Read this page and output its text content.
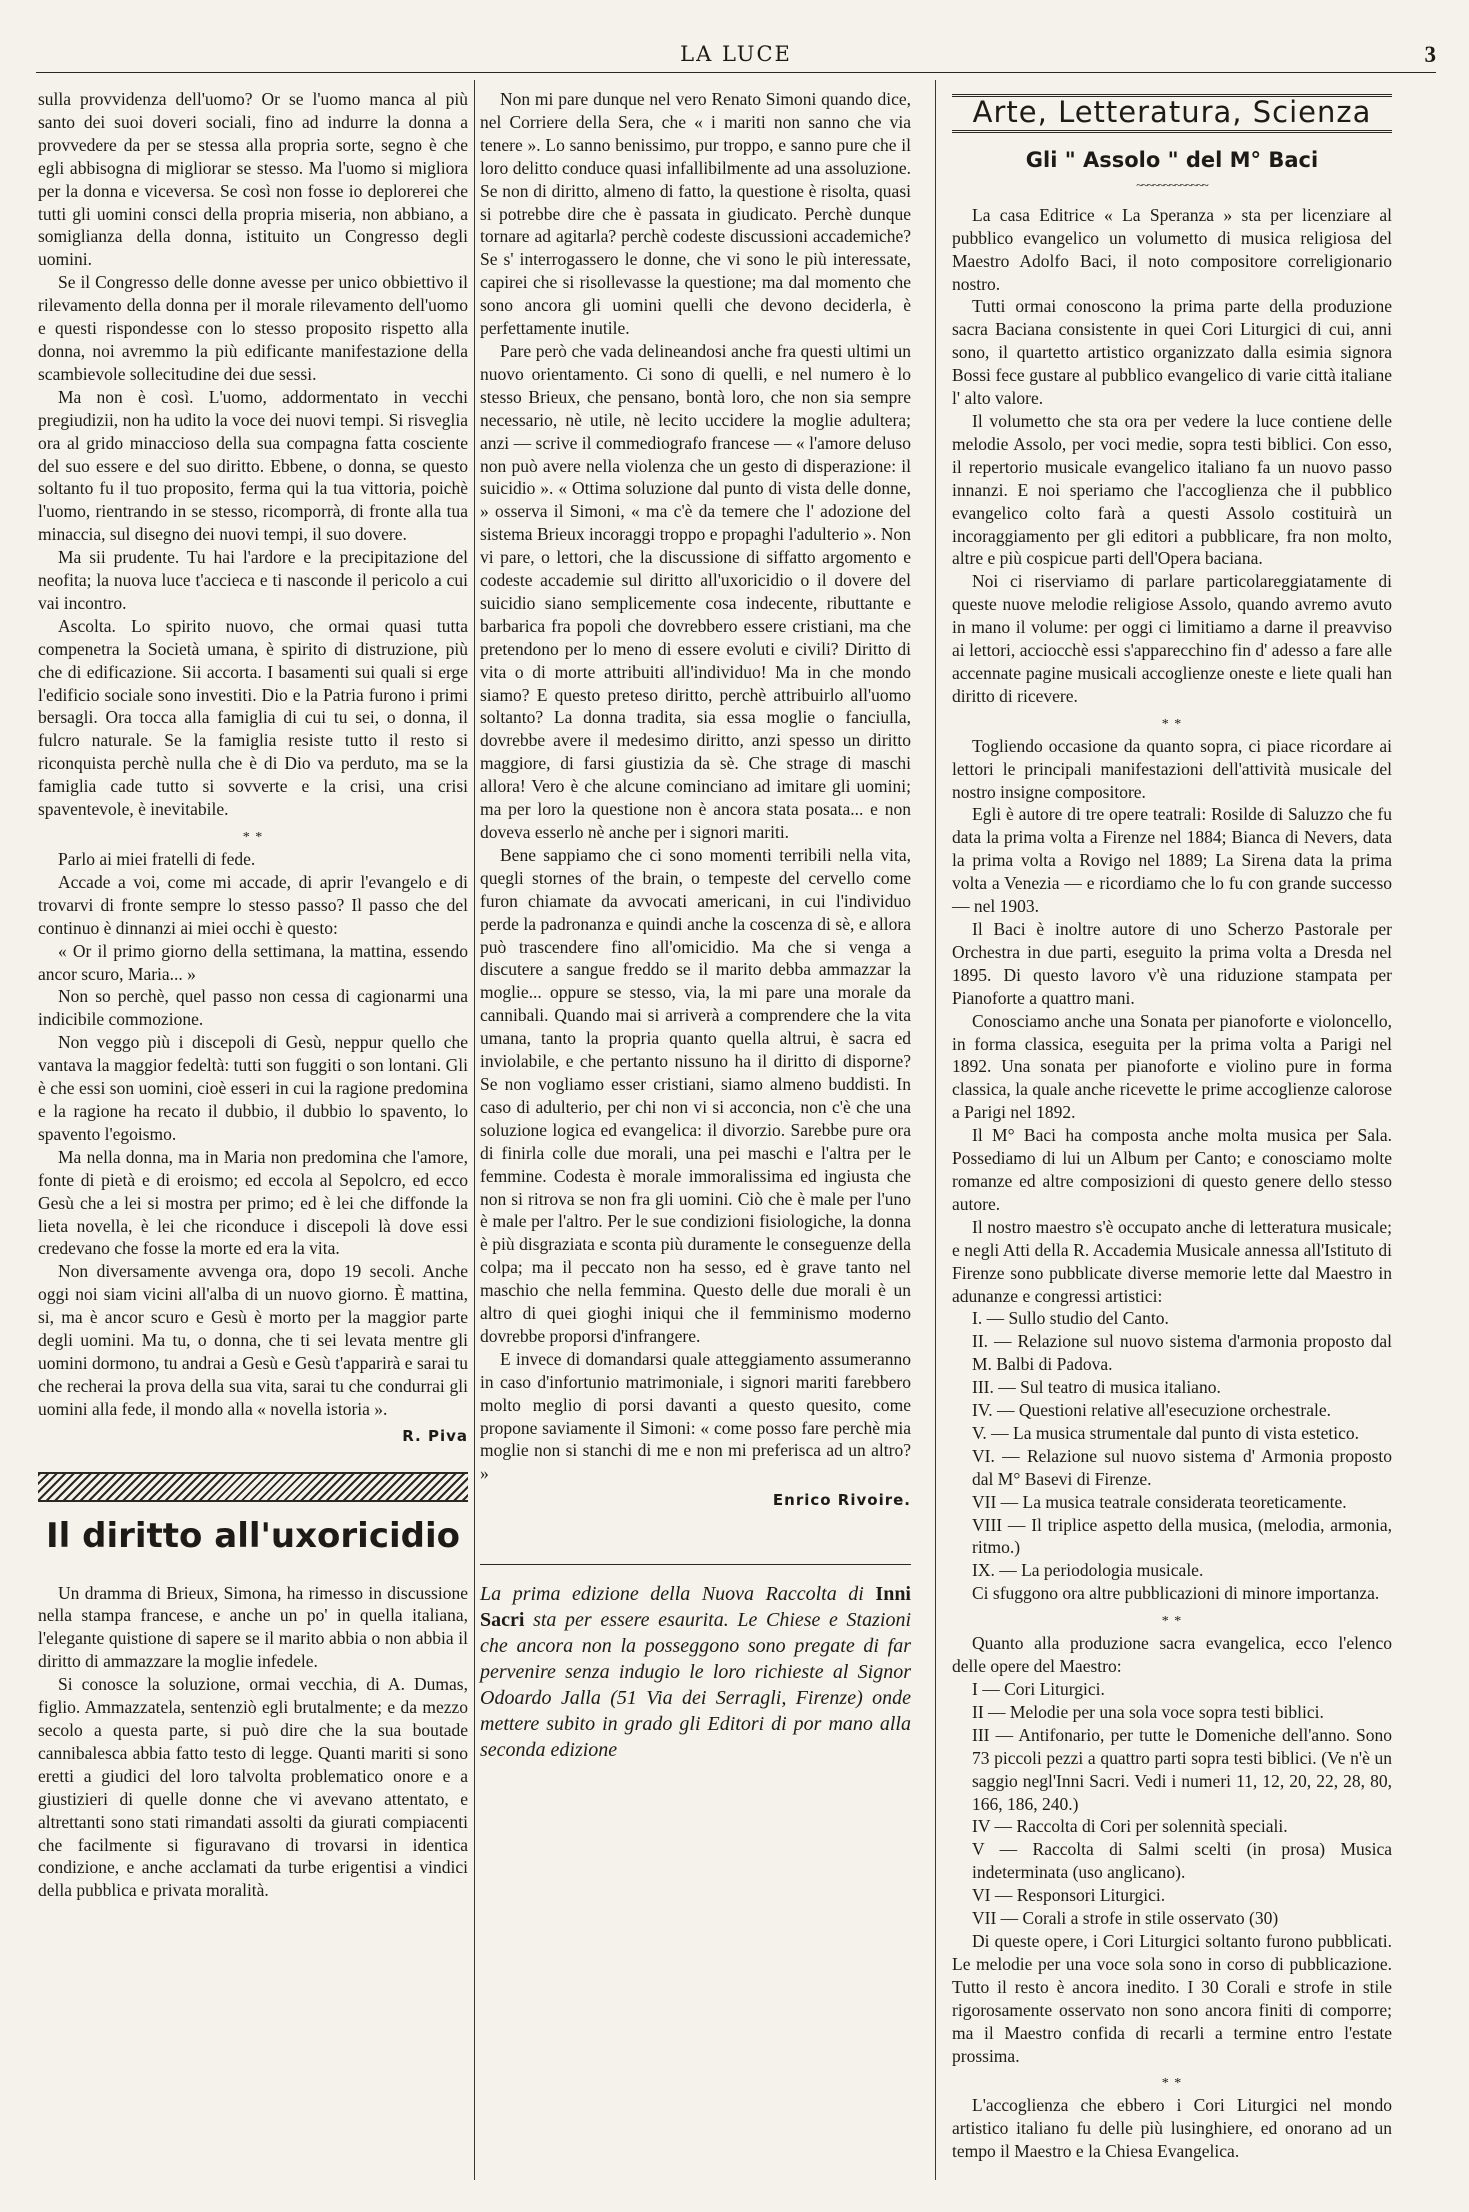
LA LUCE	3

sulla provvidenza dell'uomo? Or se l'uomo manca al più santo dei suoi doveri sociali, fino ad indurre la donna a provvedere da per se stessa alla propria sorte, segno è che egli abbisogna di migliorar se stesso. Ma l'uomo si migliora per la donna e viceversa. Se così non fosse io deplorerei che tutti gli uomini consci della propria miseria, non abbiano, a somiglianza della donna, istituito un Congresso degli uomini.

Se il Congresso delle donne avesse per unico obbiettivo il rilevamento della donna per il morale rilevamento dell'uomo e questi rispondesse con lo stesso proposito rispetto alla donna, noi avremmo la più edificante manifestazione della scambievole sollecitudine dei due sessi.

Ma non è così. L'uomo, addormentato in vecchi pregiudizii, non ha udito la voce dei nuovi tempi. Si risveglia ora al grido minaccioso della sua compagna fatta cosciente del suo essere e del suo diritto. Ebbene, o donna, se questo soltanto fu il tuo proposito, ferma qui la tua vittoria, poichè l'uomo, rientrando in se stesso, ricomporrà, di fronte alla tua minaccia, sul disegno dei nuovi tempi, il suo dovere.

Ma sii prudente. Tu hai l'ardore e la precipitazione del neofita; la nuova luce t'accieca e ti nasconde il pericolo a cui vai incontro.

Ascolta. Lo spirito nuovo, che ormai quasi tutta compenetra la Società umana, è spirito di distruzione, più che di edificazione. Sii accorta. I basamenti sui quali si erge l'edificio sociale sono investiti. Dio e la Patria furono i primi bersagli. Ora tocca alla famiglia di cui tu sei, o donna, il fulcro naturale. Se la famiglia resiste tutto il resto si riconquista perchè nulla che è di Dio va perduto, ma se la famiglia cade tutto si sovverte e la crisi, una crisi spaventevole, è inevitabile.

* *

Parlo ai miei fratelli di fede.

Accade a voi, come mi accade, di aprir l'evangelo e di trovarvi di fronte sempre lo stesso passo? Il passo che del continuo è dinnanzi ai miei occhi è questo:

« Or il primo giorno della settimana, la mattina, essendo ancor scuro, Maria... »

Non so perchè, quel passo non cessa di cagionarmi una indicibile commozione.

Non veggo più i discepoli di Gesù, neppur quello che vantava la maggior fedeltà: tutti son fuggiti o son lontani. Gli è che essi son uomini, cioè esseri in cui la ragione predomina e la ragione ha recato il dubbio, il dubbio lo spavento, lo spavento l'egoismo.

Ma nella donna, ma in Maria non predomina che l'amore, fonte di pietà e di eroismo; ed eccola al Sepolcro, ed ecco Gesù che a lei si mostra per primo; ed è lei che diffonde la lieta novella, è lei che riconduce i discepoli là dove essi credevano che fosse la morte ed era la vita.

Non diversamente avvenga ora, dopo 19 secoli. Anche oggi noi siam vicini all'alba di un nuovo giorno. È mattina, si, ma è ancor scuro e Gesù è morto per la maggior parte degli uomini. Ma tu, o donna, che ti sei levata mentre gli uomini dormono, tu andrai a Gesù e Gesù t'apparirà e sarai tu che recherai la prova della sua vita, sarai tu che condurrai gli uomini alla fede, il mondo alla « novella istoria ».

R. Piva
Il diritto all'uxoricidio

Un dramma di Brieux, Simona, ha rimesso in discussione nella stampa francese, e anche un po' in quella italiana, l'elegante quistione di sapere se il marito abbia o non abbia il diritto di ammazzare la moglie infedele.

Si conosce la soluzione, ormai vecchia, di A. Dumas, figlio. Ammazzatela, sentenziò egli brutalmente; e da mezzo secolo a questa parte, si può dire che la sua boutade cannibalesca abbia fatto testo di legge. Quanti mariti si sono eretti a giudici del loro talvolta problematico onore e a giustizieri di quelle donne che vi avevano attentato, e altrettanti sono stati rimandati assolti da giurati compiacenti che facilmente si figuravano di trovarsi in identica condizione, e anche acclamati da turbe erigentisi a vindici della pubblica e privata moralità.

Non mi pare dunque nel vero Renato Simoni quando dice, nel Corriere della Sera, che « i mariti non sanno che via tenere ». Lo sanno benissimo, pur troppo, e sanno pure che il loro delitto conduce quasi infallibilmente ad una assoluzione. Se non di diritto, almeno di fatto, la questione è risolta, quasi si potrebbe dire che è passata in giudicato. Perchè dunque tornare ad agitarla? perchè codeste discussioni accademiche? Se s' interrogassero le donne, che vi sono le più interessate, capirei che si risollevasse la questione; ma dal momento che sono ancora gli uomini quelli che devono deciderla, è perfettamente inutile.

Pare però che vada delineandosi anche fra questi ultimi un nuovo orientamento. Ci sono di quelli, e nel numero è lo stesso Brieux, che pensano, bontà loro, che non sia sempre necessario, nè utile, nè lecito uccidere la moglie adultera; anzi — scrive il commediografo francese — « l'amore deluso non può avere nella violenza che un gesto di disperazione: il suicidio ». « Ottima soluzione dal punto di vista delle donne, » osserva il Simoni, « ma c'è da temere che l' adozione del sistema Brieux incoraggi troppo e propaghi l'adulterio ». Non vi pare, o lettori, che la discussione di siffatto argomento e codeste accademie sul diritto all'uxoricidio o il dovere del suicidio siano semplicemente cosa indecente, ributtante e barbarica fra popoli che dovrebbero essere cristiani, ma che pretendono per lo meno di essere evoluti e civili? Diritto di vita o di morte attribuiti all'individuo! Ma in che mondo siamo? E questo preteso diritto, perchè attribuirlo all'uomo soltanto? La donna tradita, sia essa moglie o fanciulla, dovrebbe avere il medesimo diritto, anzi spesso un diritto maggiore, di farsi giustizia da sè. Che strage di maschi allora! Vero è che alcune cominciano ad imitare gli uomini; ma per loro la questione non è ancora stata posata... e non doveva esserlo nè anche per i signori mariti.

Bene sappiamo che ci sono momenti terribili nella vita, quegli stornes of the brain, o tempeste del cervello come furon chiamate da avvocati americani, in cui l'individuo perde la padronanza e quindi anche la coscenza di sè, e allora può trascendere fino all'omicidio. Ma che si venga a discutere a sangue freddo se il marito debba ammazzar la moglie... oppure se stesso, via, la mi pare una morale da cannibali. Quando mai si arriverà a comprendere che la vita umana, tanto la propria quanto quella altrui, è sacra ed inviolabile, e che pertanto nissuno ha il diritto di disporne? Se non vogliamo esser cristiani, siamo almeno buddisti. In caso di adulterio, per chi non vi si acconcia, non c'è che una soluzione logica ed evangelica: il divorzio. Sarebbe pure ora di finirla colle due morali, una pei maschi e l'altra per le femmine. Codesta è morale immoralissima ed ingiusta che non si ritrova se non fra gli uomini. Ciò che è male per l'uno è male per l'altro. Per le sue condizioni fisiologiche, la donna è più disgraziata e sconta più duramente le conseguenze della colpa; ma il peccato non ha sesso, ed è grave tanto nel maschio che nella femmina. Questo delle due morali è un altro di quei gioghi iniqui che il femminismo moderno dovrebbe proporsi d'infrangere.

E invece di domandarsi quale atteggiamento assumeranno in caso d'infortunio matrimoniale, i signori mariti farebbero molto meglio di porsi davanti a questo quesito, come propone saviamente il Simoni: « come posso fare perchè mia moglie non si stanchi di me e non mi preferisca ad un altro? »

Enrico Rivoire.
La prima edizione della Nuova Raccolta di Inni Sacri sta per essere esaurita. Le Chiese e Stazioni che ancora non la posseggono sono pregate di far pervenire senza indugio le loro richieste al Signor Odoardo Jalla (51 Via dei Serragli, Firenze) onde mettere subito in grado gli Editori di por mano alla seconda edizione
Arte, Letteratura, Scienza
Gli " Assolo " del M° Baci
~~~~~~~~~~~~~

La casa Editrice « La Speranza » sta per licenziare al pubblico evangelico un volumetto di musica religiosa del Maestro Adolfo Baci, il noto compositore correligionario nostro.

Tutti ormai conoscono la prima parte della produzione sacra Baciana consistente in quei Cori Liturgici di cui, anni sono, il quartetto artistico organizzato dalla esimia signora Bossi fece gustare al pubblico evangelico di varie città italiane l' alto valore.

Il volumetto che sta ora per vedere la luce contiene delle melodie Assolo, per voci medie, sopra testi biblici. Con esso, il repertorio musicale evangelico italiano fa un nuovo passo innanzi. E noi speriamo che l'accoglienza che il pubblico evangelico colto farà a questi Assolo costituirà un incoraggiamento per gli editori a pubblicare, fra non molto, altre e più cospicue parti dell'Opera baciana.

Noi ci riserviamo di parlare particolareggiatamente di queste nuove melodie religiose Assolo, quando avremo avuto in mano il volume: per oggi ci limitiamo a darne il preavviso ai lettori, acciocchè essi s'apparecchino fin d' adesso a fare alle accennate pagine musicali accoglienze oneste e liete quali han diritto di ricevere.

* *

Togliendo occasione da quanto sopra, ci piace ricordare ai lettori le principali manifestazioni dell'attività musicale del nostro insigne compositore.

Egli è autore di tre opere teatrali: Rosilde di Saluzzo che fu data la prima volta a Firenze nel 1884; Bianca di Nevers, data la prima volta a Rovigo nel 1889; La Sirena data la prima volta a Venezia — e ricordiamo che lo fu con grande successo — nel 1903.

Il Baci è inoltre autore di uno Scherzo Pastorale per Orchestra in due parti, eseguito la prima volta a Dresda nel 1895. Di questo lavoro v'è una riduzione stampata per Pianoforte a quattro mani.

Conosciamo anche una Sonata per pianoforte e violoncello, in forma classica, eseguita per la prima volta a Parigi nel 1892. Una sonata per pianoforte e violino pure in forma classica, la quale anche ricevette le prime accoglienze calorose a Parigi nel 1892.

Il M° Baci ha composta anche molta musica per Sala. Possediamo di lui un Album per Canto; e conosciamo molte romanze ed altre composizioni di questo genere dello stesso autore.

Il nostro maestro s'è occupato anche di letteratura musicale; e negli Atti della R. Accademia Musicale annessa all'Istituto di Firenze sono pubblicate diverse memorie lette dal Maestro in adunanze e congressi artistici:

I. — Sullo studio del Canto.

II. — Relazione sul nuovo sistema d'armonia proposto dal M. Balbi di Padova.

III. — Sul teatro di musica italiano.

IV. — Questioni relative all'esecuzione orchestrale.

V. — La musica strumentale dal punto di vista estetico.

VI. — Relazione sul nuovo sistema d' Armonia proposto dal M° Basevi di Firenze.

VII — La musica teatrale considerata teoreticamente.

VIII — Il triplice aspetto della musica, (melodia, armonia, ritmo.)

IX. — La periodologia musicale.

Ci sfuggono ora altre pubblicazioni di minore importanza.

* *

Quanto alla produzione sacra evangelica, ecco l'elenco delle opere del Maestro:

I — Cori Liturgici.

II — Melodie per una sola voce sopra testi biblici.

III — Antifonario, per tutte le Domeniche dell'anno. Sono 73 piccoli pezzi a quattro parti sopra testi biblici. (Ve n'è un saggio negl'Inni Sacri. Vedi i numeri 11, 12, 20, 22, 28, 80, 166, 186, 240.)

IV — Raccolta di Cori per solennità speciali.

V — Raccolta di Salmi scelti (in prosa) Musica indeterminata (uso anglicano).

VI — Responsori Liturgici.

VII — Corali a strofe in stile osservato (30)

Di queste opere, i Cori Liturgici soltanto furono pubblicati. Le melodie per una voce sola sono in corso di pubblicazione. Tutto il resto è ancora inedito. I 30 Corali e strofe in stile rigorosamente osservato non sono ancora finiti di comporre; ma il Maestro confida di recarli a termine entro l'estate prossima.

* *

L'accoglienza che ebbero i Cori Liturgici nel mondo artistico italiano fu delle più lusinghiere, ed onorano ad un tempo il Maestro e la Chiesa Evangelica.
